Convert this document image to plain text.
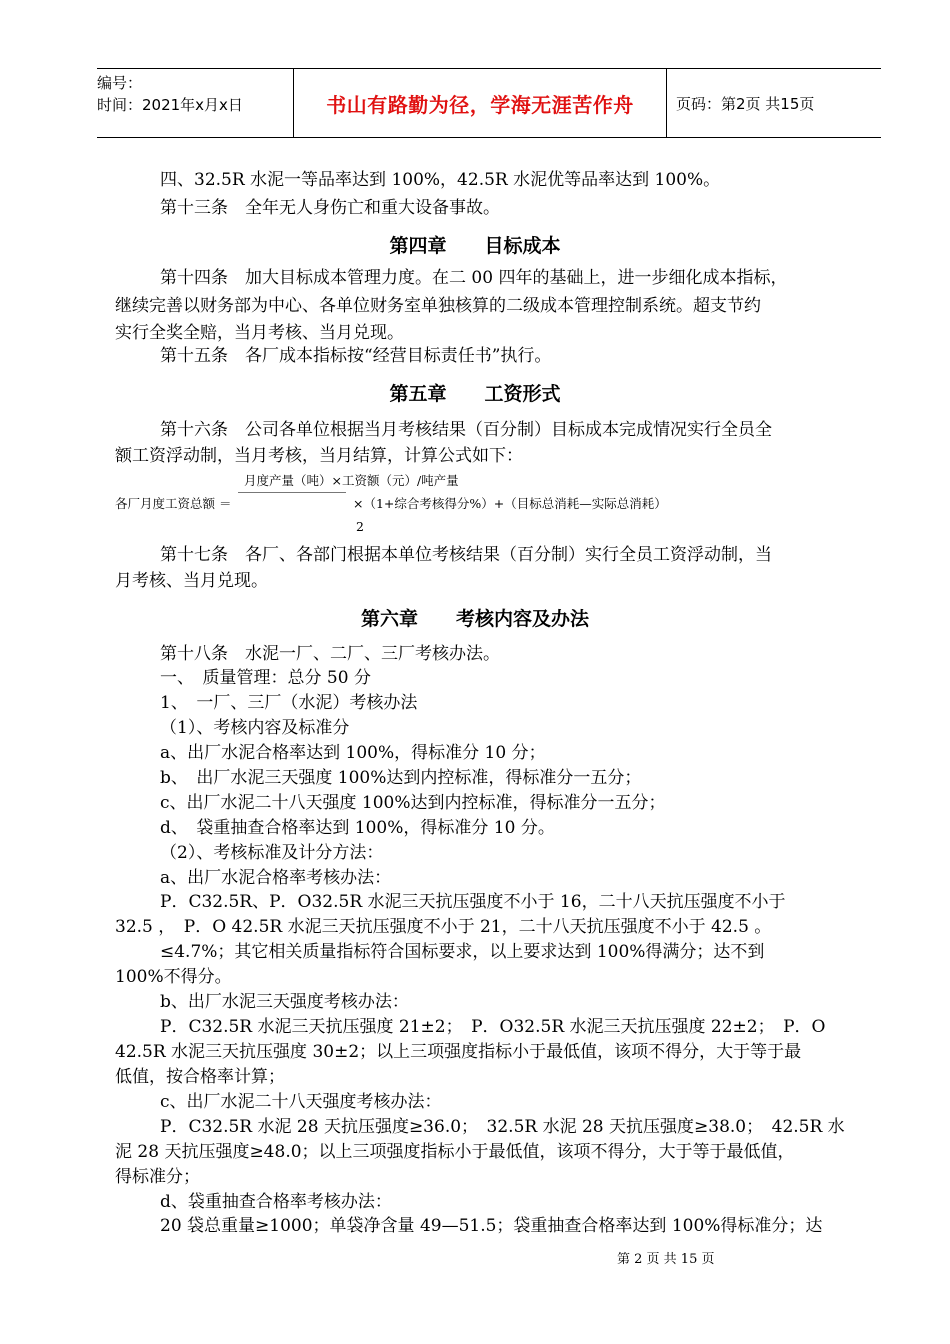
编号：
时间：2021年x月x日	书山有路勤为径，学海无涯苦作舟	页码：第2页 共15页
四、32.5R 水泥一等品率达到 100%，42.5R 水泥优等品率达到 100%。
第十三条　全年无人身伤亡和重大设备事故。
第四章　　目标成本
第十四条　加大目标成本管理力度。在二 00 四年的基础上，进一步细化成本指标，
继续完善以财务部为中心、各单位财务室单独核算的二级成本管理控制系统。超支节约
实行全奖全赔，当月考核、当月兑现。
第十五条　各厂成本指标按“经营目标责任书”执行。
第五章　　工资形式
第十六条　公司各单位根据当月考核结果（百分制）目标成本完成情况实行全员全
额工资浮动制，当月考核，当月结算，计算公式如下：
月度产量（吨）×工资额（元）/吨产量
各厂月度工资总额 ＝	×（1+综合考核得分%）+（目标总消耗—实际总消耗）
2
第十七条　各厂、各部门根据本单位考核结果（百分制）实行全员工资浮动制，当
月考核、当月兑现。
第六章　　考核内容及办法
第十八条　水泥一厂、二厂、三厂考核办法。
一、　质量管理：总分 50 分
1、　一厂、三厂（水泥）考核办法
（1）、考核内容及标准分
a、出厂水泥合格率达到 100%，得标准分 10 分；
b、　出厂水泥三天强度 100%达到内控标准，得标准分一五分；
c、出厂水泥二十八天强度 100%达到内控标准，得标准分一五分；
d、　袋重抽查合格率达到 100%，得标准分 10 分。
（2）、考核标准及计分方法：
a、出厂水泥合格率考核办法：
P．C32.5R、P．O32.5R 水泥三天抗压强度不小于 16，二十八天抗压强度不小于
32.5 ，　P．O 42.5R 水泥三天抗压强度不小于 21，二十八天抗压强度不小于 42.5 。
≤4.7%；其它相关质量指标符合国标要求，以上要求达到 100%得满分；达不到
100%不得分。
b、出厂水泥三天强度考核办法：
P．C32.5R 水泥三天抗压强度 21±2；　P．O32.5R 水泥三天抗压强度 22±2；　P．O
42.5R 水泥三天抗压强度 30±2；以上三项强度指标小于最低值，该项不得分，大于等于最
低值，按合格率计算；
c、出厂水泥二十八天强度考核办法：
P．C32.5R 水泥 28 天抗压强度≥36.0；　32.5R 水泥 28 天抗压强度≥38.0；　42.5R 水
泥 28 天抗压强度≥48.0；以上三项强度指标小于最低值，该项不得分，大于等于最低值，
得标准分；
d、袋重抽查合格率考核办法：
20 袋总重量≥1000；单袋净含量 49—51.5；袋重抽查合格率达到 100%得标准分；达
第 2 页 共 15 页
